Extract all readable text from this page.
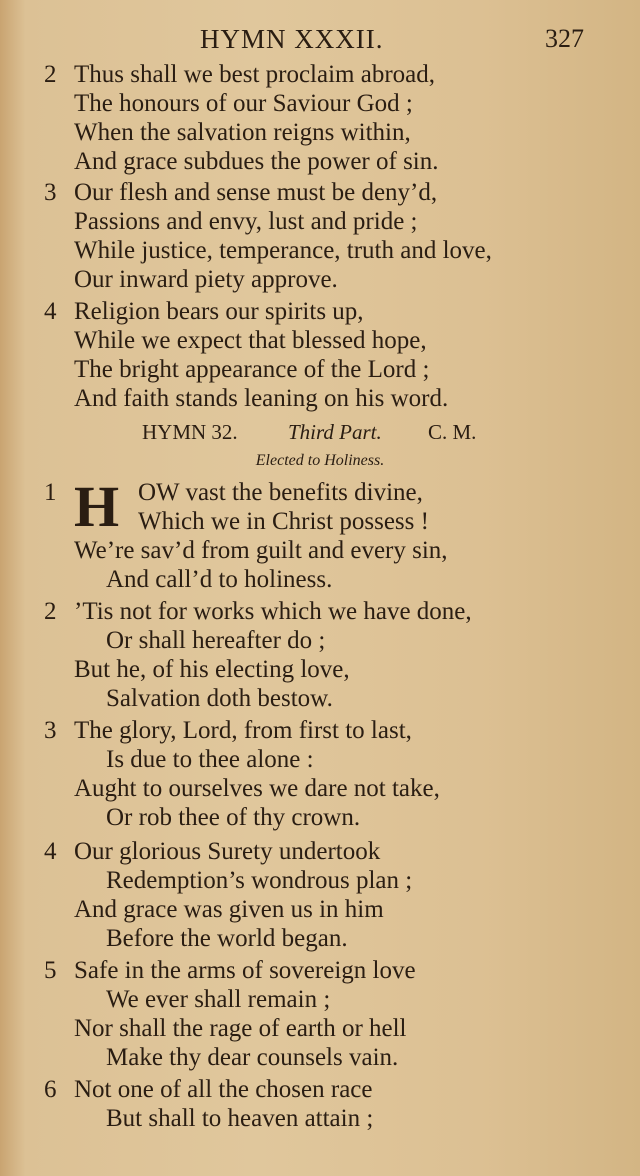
HYMN XXXII.	327
2 Thus shall we best proclaim abroad,
The honours of our Saviour God ;
When the salvation reigns within,
And grace subdues the power of sin.
3 Our flesh and sense must be deny’d,
Passions and envy, lust and pride ;
While justice, temperance, truth and love,
Our inward piety approve.
4 Religion bears our spirits up,
While we expect that blessed hope,
The bright appearance of the Lord ;
And faith stands leaning on his word.
HYMN 32. Third Part. C. M.
Elected to Holiness.
1 H OW vast the benefits divine,
Which we in Christ possess !
We’re sav’d from guilt and every sin,
And call’d to holiness.
2 ’Tis not for works which we have done,
Or shall hereafter do ;
But he, of his electing love,
Salvation doth bestow.
3 The glory, Lord, from first to last,
Is due to thee alone :
Aught to ourselves we dare not take,
Or rob thee of thy crown.
4 Our glorious Surety undertook
Redemption’s wondrous plan ;
And grace was given us in him
Before the world began.
5 Safe in the arms of sovereign love
We ever shall remain ;
Nor shall the rage of earth or hell
Make thy dear counsels vain.
6 Not one of all the chosen race
But shall to heaven attain ;
